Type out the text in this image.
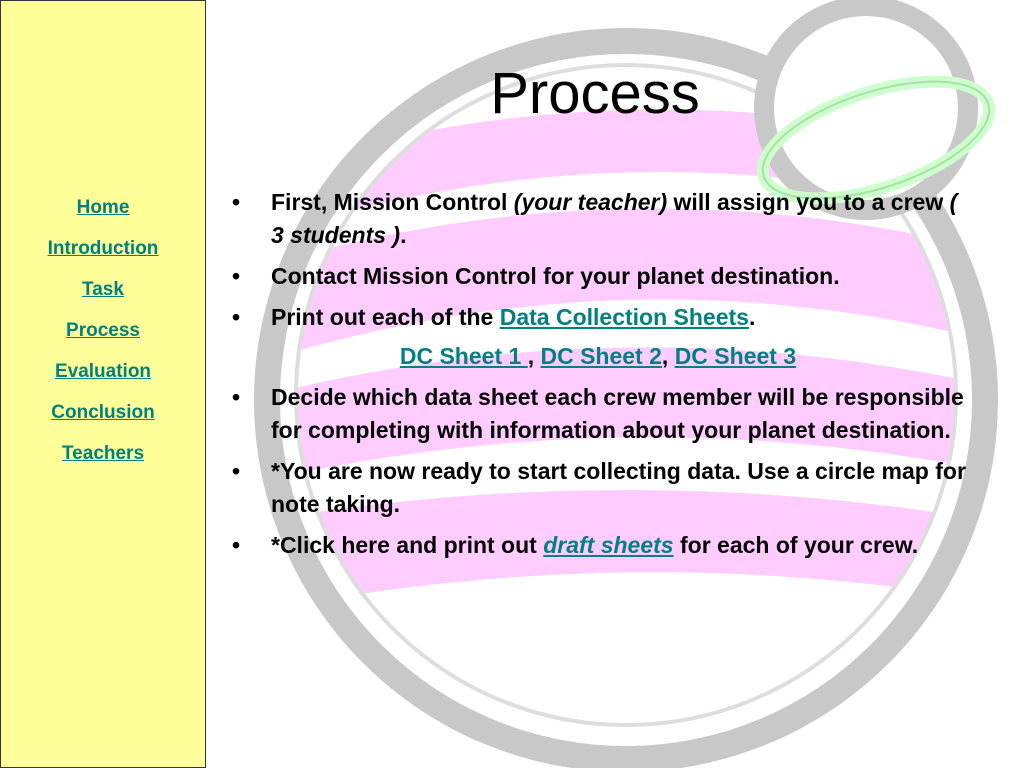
Home
Introduction
Task
Process
Evaluation
Conclusion
Teachers
Process
• First, Mission Control (your teacher) will assign you to a crew ( 3 students ).
• Contact Mission Control for your planet destination.
• Print out each of the Data Collection Sheets.
DC Sheet 1 , DC Sheet 2, DC Sheet 3
• Decide which data sheet each crew member will be responsible for completing with information about your planet destination.
• *You are now ready to start collecting data. Use a circle map for note taking.
• *Click here and print out draft sheets for each of your crew.
